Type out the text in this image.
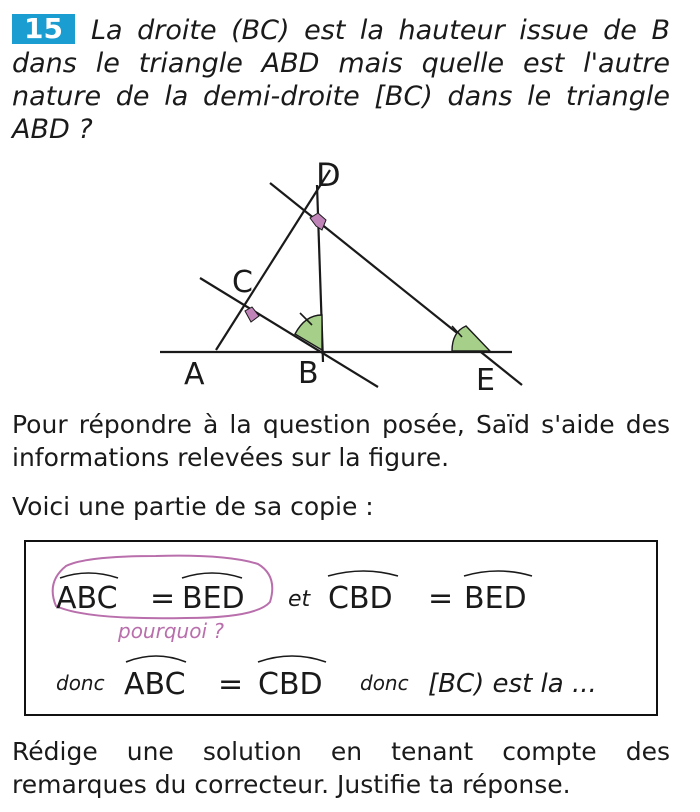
15 La droite (BC) est la hauteur issue de B dans le triangle ABD mais quelle est l'autre nature de la demi-droite [BC) dans le triangle ABD ?
D
C
A	B	E
Pour répondre à la question posée, Saïd s'aide des informations relevées sur la figure.
Voici une partie de sa copie :
ABC = BED et CBD = BED
pourquoi ?
donc ABC = CBD donc [BC) est la ...
Rédige une solution en tenant compte des remarques du correcteur. Justifie ta réponse.
